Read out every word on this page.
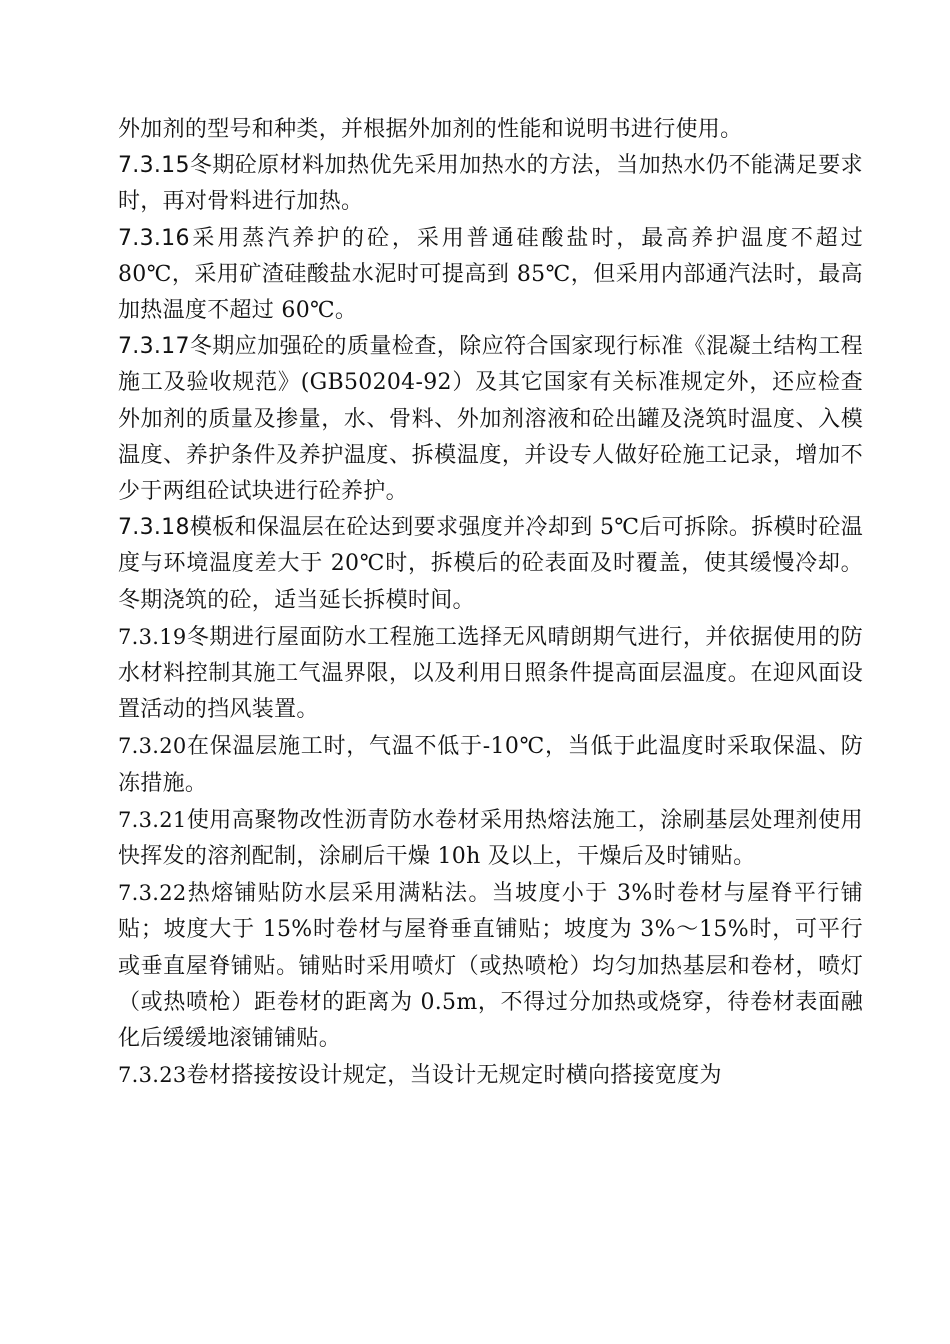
外加剂的型号和种类，并根据外加剂的性能和说明书进行使用。

7.3.15冬期砼原材料加热优先采用加热水的方法，当加热水仍不能满足要求时，再对骨料进行加热。

7.3.16采用蒸汽养护的砼，采用普通硅酸盐时，最高养护温度不超过 80℃，采用矿渣硅酸盐水泥时可提高到 85℃，但采用内部通汽法时，最高加热温度不超过 60℃。

7.3.17冬期应加强砼的质量检查，除应符合国家现行标准《混凝土结构工程施工及验收规范》(GB50204-92）及其它国家有关标准规定外，还应检查外加剂的质量及掺量，水、骨料、外加剂溶液和砼出罐及浇筑时温度、入模温度、养护条件及养护温度、拆模温度，并设专人做好砼施工记录，增加不少于两组砼试块进行砼养护。

7.3.18模板和保温层在砼达到要求强度并冷却到 5℃后可拆除。拆模时砼温度与环境温度差大于 20℃时，拆模后的砼表面及时覆盖，使其缓慢冷却。冬期浇筑的砼，适当延长拆模时间。

7.3.19冬期进行屋面防水工程施工选择无风晴朗期气进行，并依据使用的防水材料控制其施工气温界限，以及利用日照条件提高面层温度。在迎风面设置活动的挡风装置。

7.3.20在保温层施工时，气温不低于-10℃，当低于此温度时采取保温、防冻措施。

7.3.21使用高聚物改性沥青防水卷材采用热熔法施工，涂刷基层处理剂使用快挥发的溶剂配制，涂刷后干燥 10h 及以上，干燥后及时铺贴。

7.3.22热熔铺贴防水层采用满粘法。当坡度小于 3%时卷材与屋脊平行铺贴；坡度大于 15%时卷材与屋脊垂直铺贴；坡度为 3%～15%时，可平行或垂直屋脊铺贴。铺贴时采用喷灯（或热喷枪）均匀加热基层和卷材，喷灯（或热喷枪）距卷材的距离为 0.5m，不得过分加热或烧穿，待卷材表面融化后缓缓地滚铺铺贴。

7.3.23卷材搭接按设计规定，当设计无规定时横向搭接宽度为
